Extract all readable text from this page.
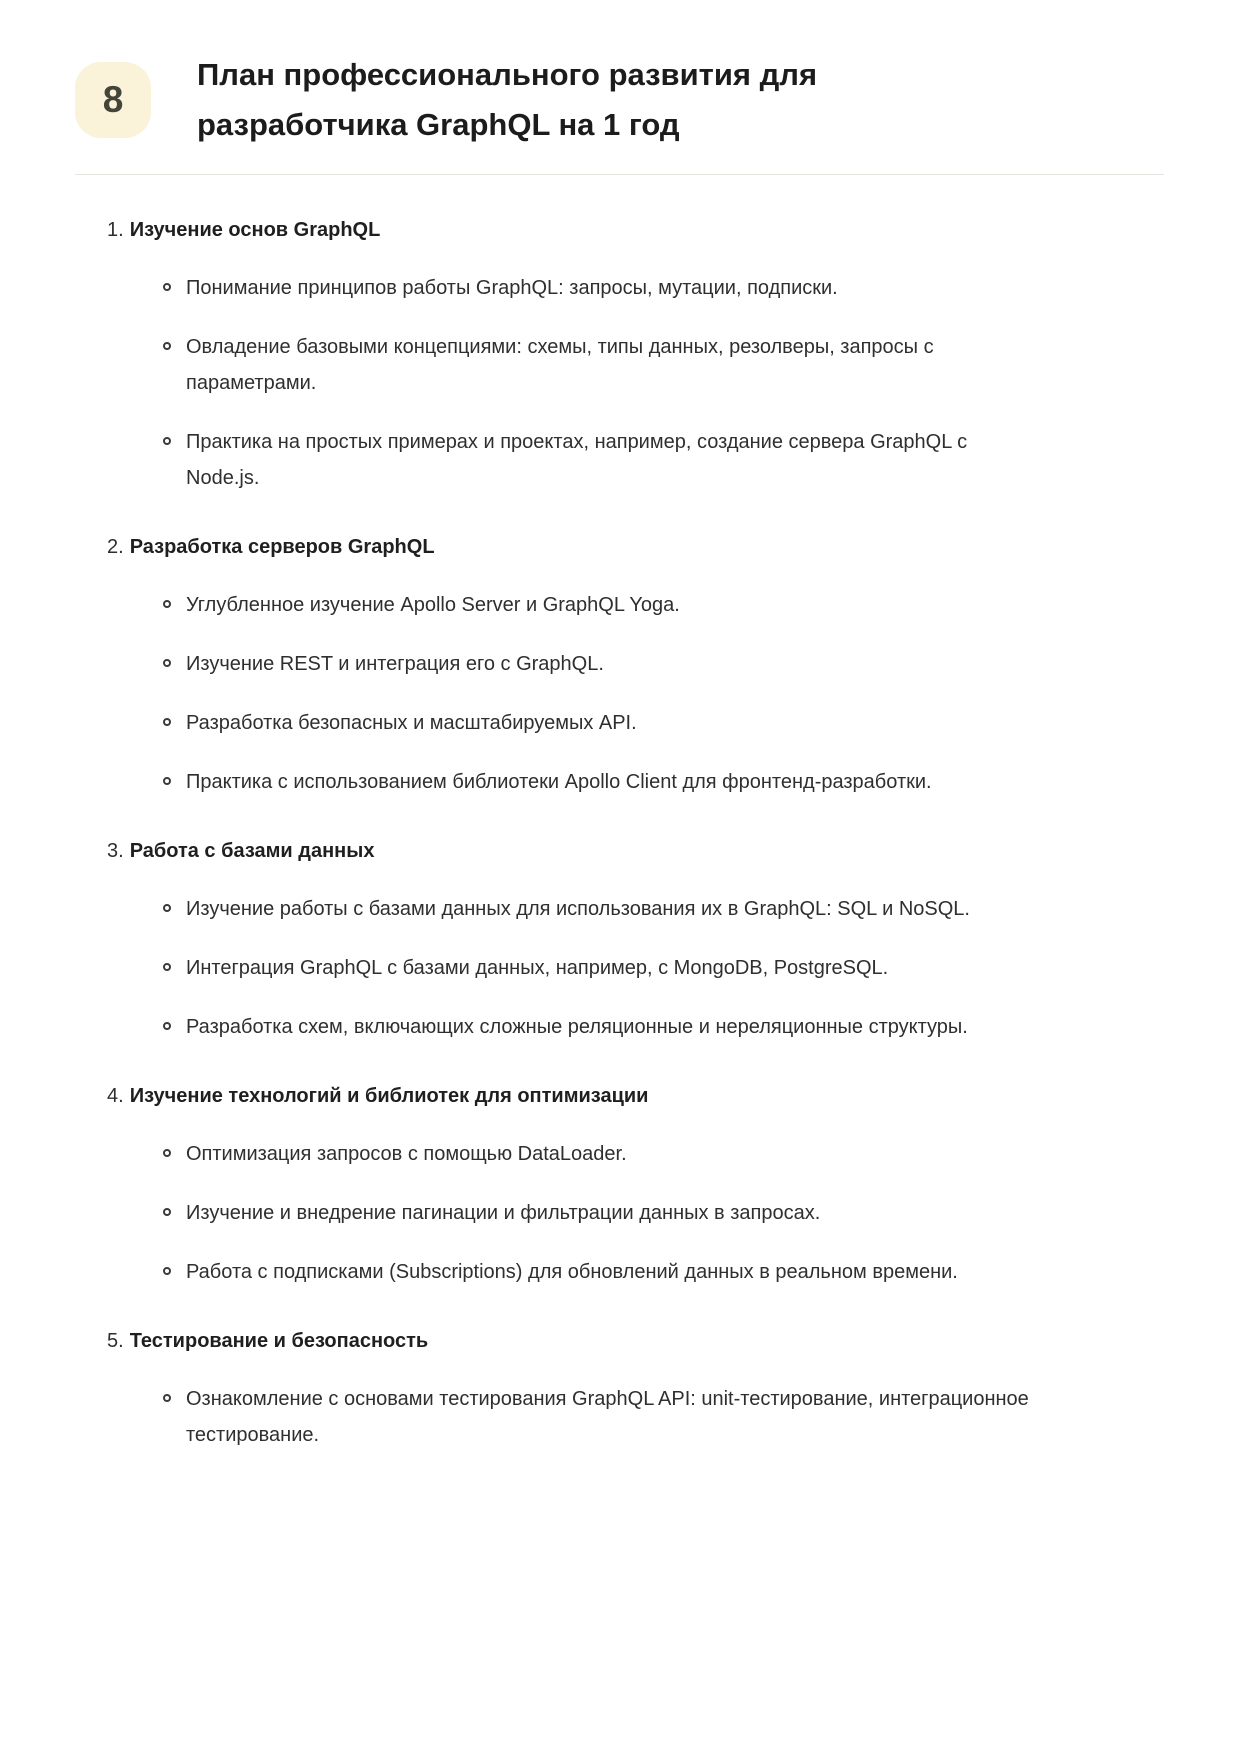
8
План профессионального развития для
разработчика GraphQL на 1 год
1. Изучение основ GraphQL
Понимание принципов работы GraphQL: запросы, мутации, подписки.
Овладение базовыми концепциями: схемы, типы данных, резолверы, запросы с параметрами.
Практика на простых примерах и проектах, например, создание сервера GraphQL с Node.js.
2. Разработка серверов GraphQL
Углубленное изучение Apollo Server и GraphQL Yoga.
Изучение REST и интеграция его с GraphQL.
Разработка безопасных и масштабируемых API.
Практика с использованием библиотеки Apollo Client для фронтенд-разработки.
3. Работа с базами данных
Изучение работы с базами данных для использования их в GraphQL: SQL и NoSQL.
Интеграция GraphQL с базами данных, например, с MongoDB, PostgreSQL.
Разработка схем, включающих сложные реляционные и нереляционные структуры.
4. Изучение технологий и библиотек для оптимизации
Оптимизация запросов с помощью DataLoader.
Изучение и внедрение пагинации и фильтрации данных в запросах.
Работа с подписками (Subscriptions) для обновлений данных в реальном времени.
5. Тестирование и безопасность
Ознакомление с основами тестирования GraphQL API: unit-тестирование, интеграционное тестирование.
